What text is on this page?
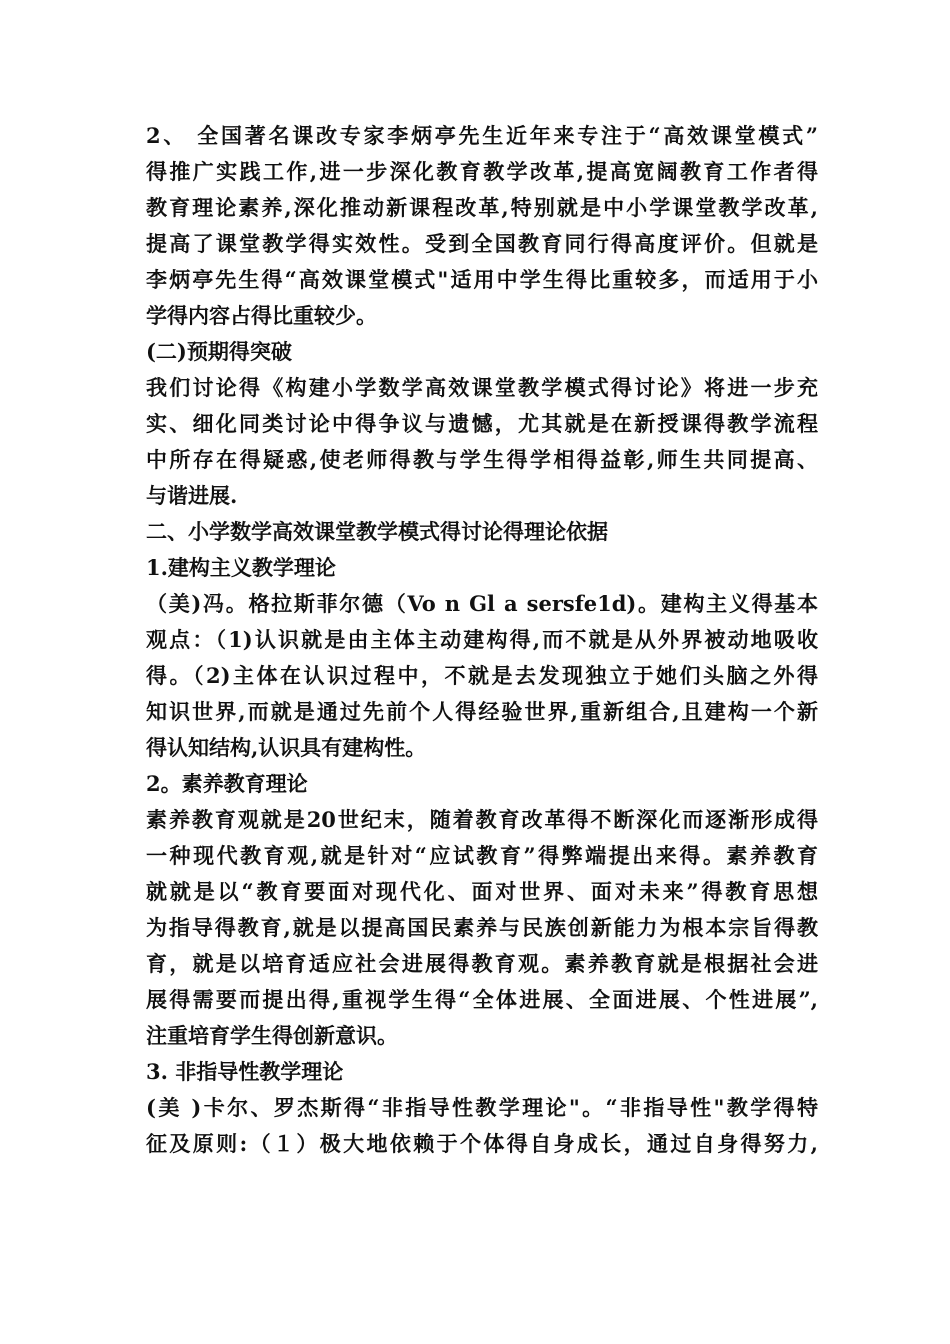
2、 全国著名课改专家李炳亭先生近年来专注于“高效课堂模式”
得推广实践工作,进一步深化教育教学改革,提高宽阔教育工作者得
教育理论素养,深化推动新课程改革,特别就是中小学课堂教学改革,
提高了课堂教学得实效性。受到全国教育同行得高度评价。但就是
李炳亭先生得“高效课堂模式"适用中学生得比重较多，而适用于小
学得内容占得比重较少。
(二)预期得突破
我们讨论得《构建小学数学高效课堂教学模式得讨论》将进一步充
实、细化同类讨论中得争议与遗憾，尤其就是在新授课得教学流程
中所存在得疑惑,使老师得教与学生得学相得益彰,师生共同提高、
与谐进展.
二、小学数学高效课堂教学模式得讨论得理论依据
1.建构主义教学理论
（美)冯。格拉斯菲尔德（Vo n Gl a sersfe1d)。建构主义得基本
观点：（1)认识就是由主体主动建构得,而不就是从外界被动地吸收
得。（2)主体在认识过程中，不就是去发现独立于她们头脑之外得
知识世界,而就是通过先前个人得经验世界,重新组合,且建构一个新
得认知结构,认识具有建构性。
2。素养教育理论
素养教育观就是20世纪末，随着教育改革得不断深化而逐渐形成得
一种现代教育观,就是针对“应试教育”得弊端提出来得。素养教育
就就是以“教育要面对现代化、面对世界、面对未来”得教育思想
为指导得教育,就是以提高国民素养与民族创新能力为根本宗旨得教
育，就是以培育适应社会进展得教育观。素养教育就是根据社会进
展得需要而提出得,重视学生得“全体进展、全面进展、个性进展”,
注重培育学生得创新意识。
3. 非指导性教学理论
(美 )卡尔、罗杰斯得“非指导性教学理论"。“非指导性"教学得特
征及原则:（１）极大地依赖于个体得自身成长，通过自身得努力,
